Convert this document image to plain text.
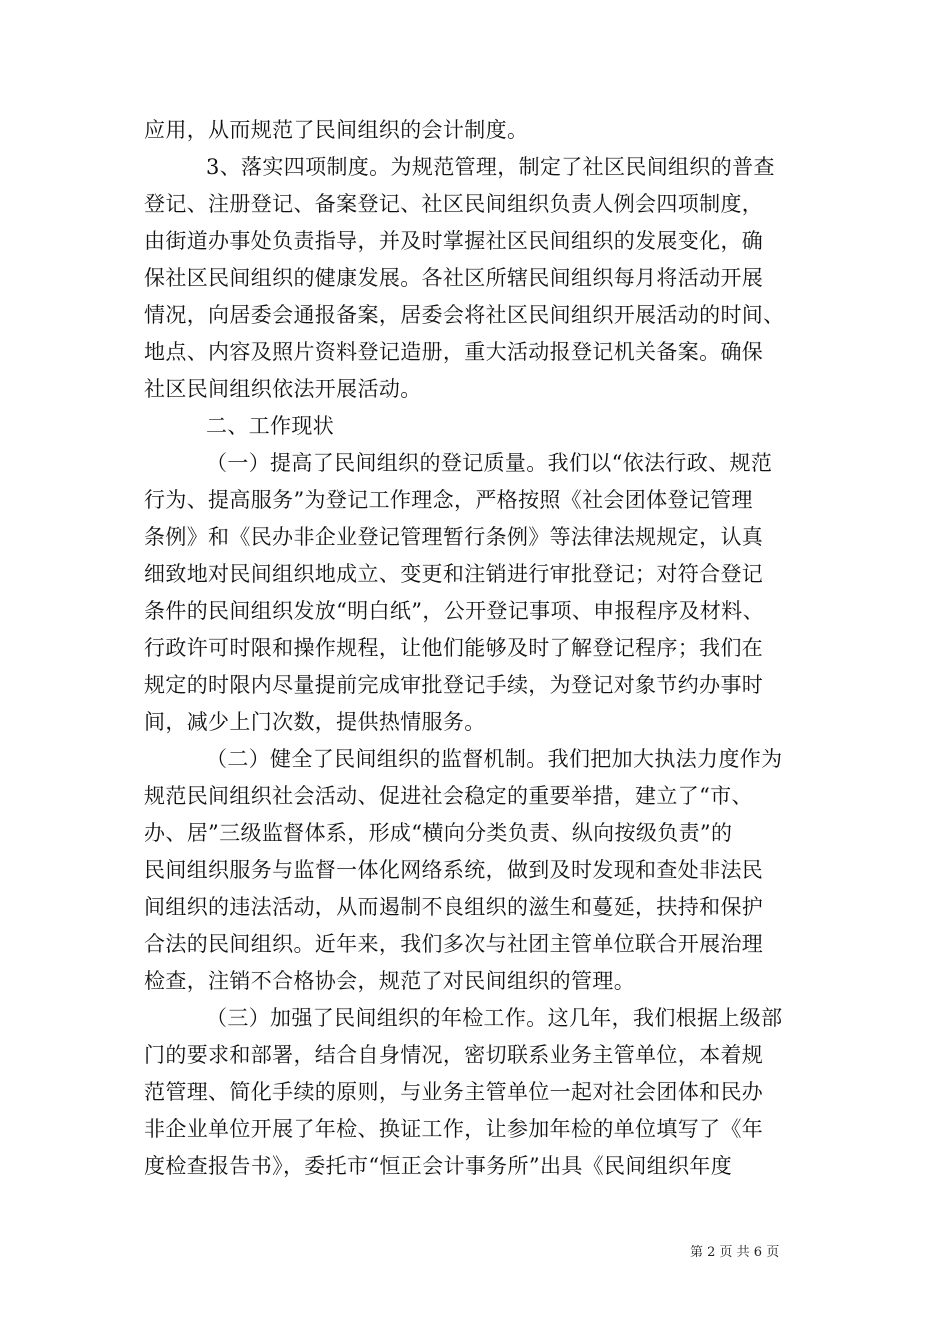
应用，从而规范了民间组织的会计制度。
3、落实四项制度。为规范管理，制定了社区民间组织的普查
登记、注册登记、备案登记、社区民间组织负责人例会四项制度，
由街道办事处负责指导，并及时掌握社区民间组织的发展变化，确
保社区民间组织的健康发展。各社区所辖民间组织每月将活动开展
情况，向居委会通报备案，居委会将社区民间组织开展活动的时间、
地点、内容及照片资料登记造册，重大活动报登记机关备案。确保
社区民间组织依法开展活动。
二、工作现状
（一）提高了民间组织的登记质量。我们以“依法行政、规范
行为、提高服务”为登记工作理念，严格按照《社会团体登记管理
条例》和《民办非企业登记管理暂行条例》等法律法规规定，认真
细致地对民间组织地成立、变更和注销进行审批登记；对符合登记
条件的民间组织发放“明白纸”，公开登记事项、申报程序及材料、
行政许可时限和操作规程，让他们能够及时了解登记程序；我们在
规定的时限内尽量提前完成审批登记手续，为登记对象节约办事时
间，减少上门次数，提供热情服务。
（二）健全了民间组织的监督机制。我们把加大执法力度作为
规范民间组织社会活动、促进社会稳定的重要举措，建立了“市、
办、居”三级监督体系，形成“横向分类负责、纵向按级负责”的
民间组织服务与监督一体化网络系统，做到及时发现和查处非法民
间组织的违法活动，从而遏制不良组织的滋生和蔓延，扶持和保护
合法的民间组织。近年来，我们多次与社团主管单位联合开展治理
检查，注销不合格协会，规范了对民间组织的管理。
（三）加强了民间组织的年检工作。这几年，我们根据上级部
门的要求和部署，结合自身情况，密切联系业务主管单位，本着规
范管理、简化手续的原则，与业务主管单位一起对社会团体和民办
非企业单位开展了年检、换证工作，让参加年检的单位填写了《年
度检查报告书》，委托市“恒正会计事务所”出具《民间组织年度
第 2 页 共 6 页
